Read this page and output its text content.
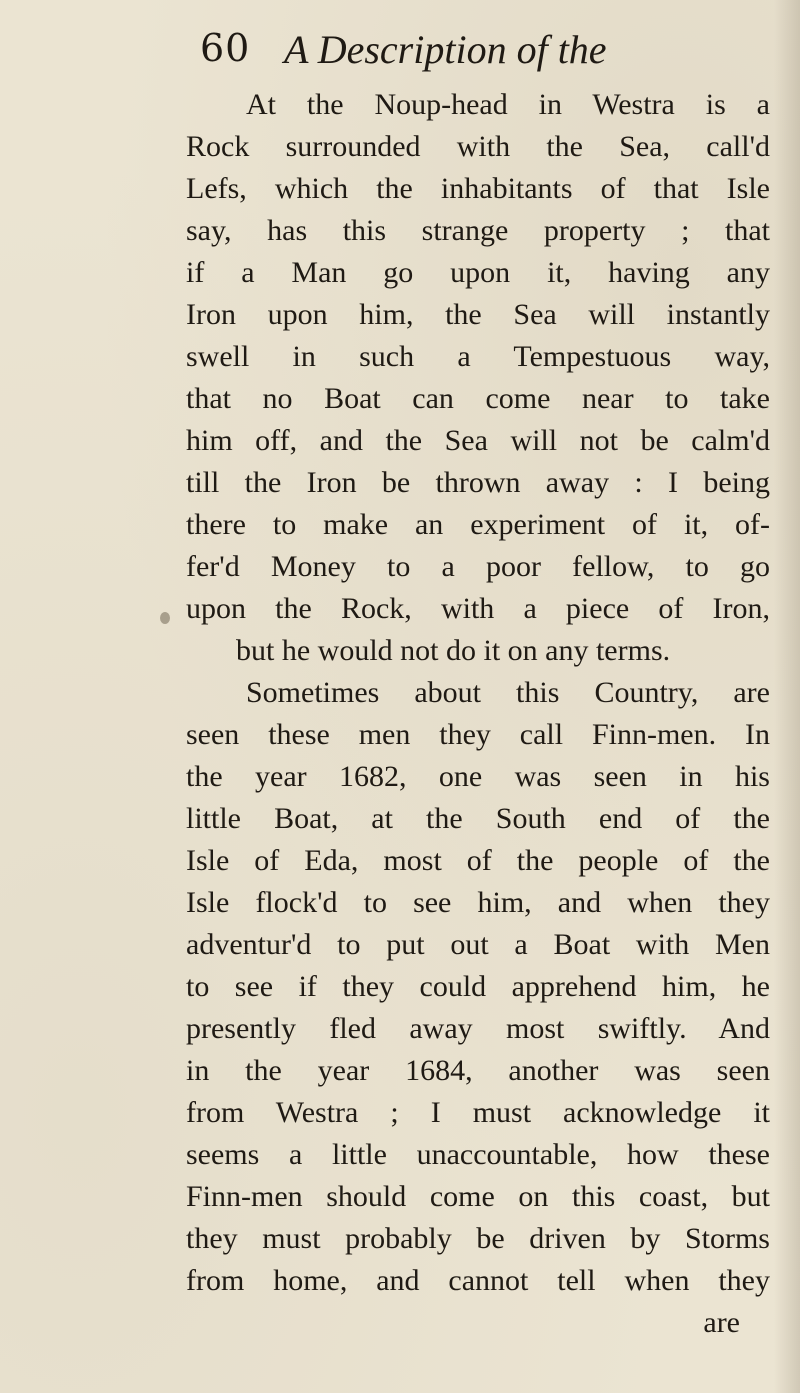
60 A Description of the
At the Noup-head in Westra is a
Rock surrounded with the Sea, call'd
Lefs, which the inhabitants of that Isle
say, has this strange property ; that
if a Man go upon it, having any
Iron upon him, the Sea will instantly
swell in such a Tempestuous way,
that no Boat can come near to take
him off, and the Sea will not be calm'd
till the Iron be thrown away : I being
there to make an experiment of it, of-
fer'd Money to a poor fellow, to go
upon the Rock, with a piece of Iron,
but he would not do it on any terms.
Sometimes about this Country, are
seen these men they call Finn-men. In
the year 1682, one was seen in his
little Boat, at the South end of the
Isle of Eda, most of the people of the
Isle flock'd to see him, and when they
adventur'd to put out a Boat with Men
to see if they could apprehend him, he
presently fled away most swiftly. And
in the year 1684, another was seen
from Westra ; I must acknowledge it
seems a little unaccountable, how these
Finn-men should come on this coast, but
they must probably be driven by Storms
from home, and cannot tell when they
are
